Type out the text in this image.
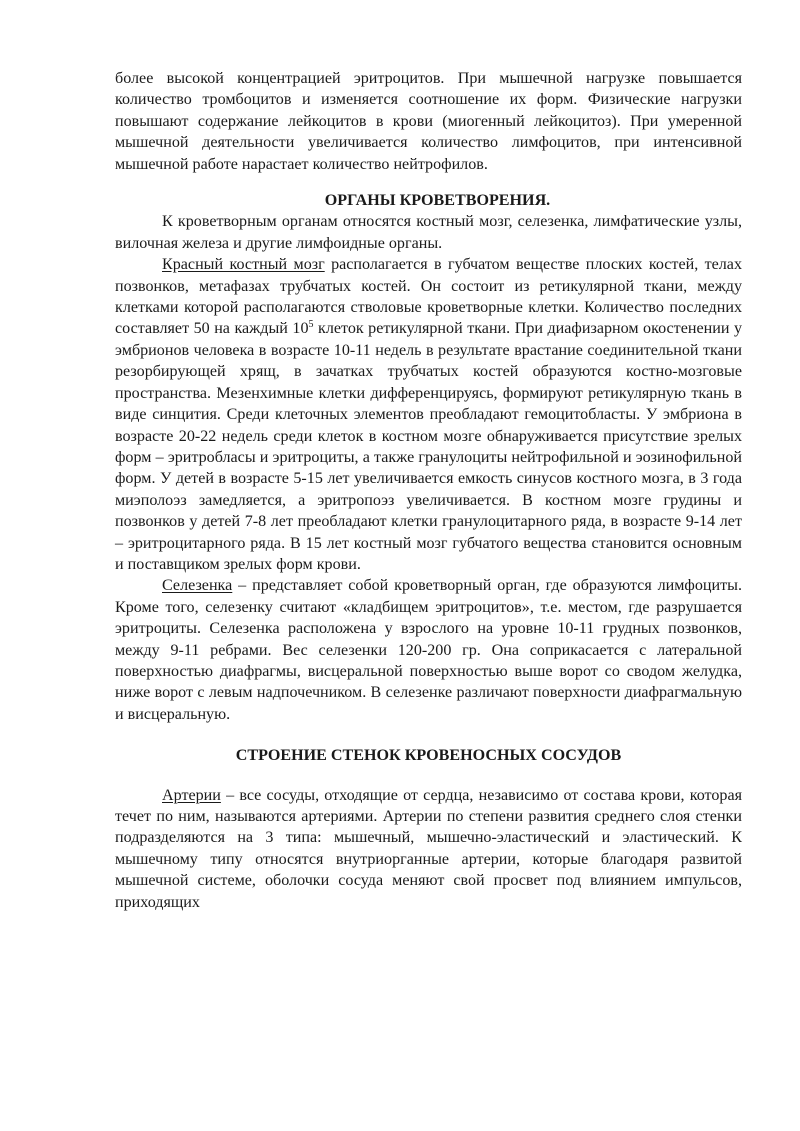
более высокой концентрацией эритроцитов. При мышечной нагрузке повышается количество тромбоцитов и изменяется соотношение их форм. Физические нагрузки повышают содержание лейкоцитов в крови (миогенный лейкоцитоз). При умеренной мышечной деятельности увеличивается количество лимфоцитов, при интенсивной мышечной работе нарастает количество нейтрофилов.

ОРГАНЫ КРОВЕТВОРЕНИЯ.

К кроветворным органам относятся костный мозг, селезенка, лимфатические узлы, вилочная железа и другие лимфоидные органы.

Красный костный мозг располагается в губчатом веществе плоских костей, телах позвонков, метафазах трубчатых костей. Он состоит из ретикулярной ткани, между клетками которой располагаются стволовые кроветворные клетки. Количество последних составляет 50 на каждый $10^5$ клеток ретикулярной ткани. При диафизарном окостенении у эмбрионов человека в возрасте 10-11 недель в результате врастание соединительной ткани резорбирующей хрящ, в зачатках трубчатых костей образуются костно-мозговые пространства. Мезенхимные клетки дифференцируясь, формируют ретикулярную ткань в виде синцития. Среди клеточных элементов преобладают гемоцитобласты. У эмбриона в возрасте 20-22 недель среди клеток в костном мозге обнаруживается присутствие зрелых форм – эритробласы и эритроциты, а также гранулоциты нейтрофильной и эозинофильной форм. У детей в возрасте 5-15 лет увеличивается емкость синусов костного мозга, в 3 года миэполоэз замедляется, а эритропоэз увеличивается. В костном мозге грудины и позвонков у детей 7-8 лет преобладают клетки гранулоцитарного ряда, в возрасте 9-14 лет – эритроцитарного ряда. В 15 лет костный мозг губчатого вещества становится основным и поставщиком зрелых форм крови.

Селезенка – представляет собой кроветворный орган, где образуются лимфоциты. Кроме того, селезенку считают «кладбищем эритроцитов», т.е. местом, где разрушается эритроциты. Селезенка расположена у взрослого на уровне 10-11 грудных позвонков, между 9-11 ребрами. Вес селезенки 120-200 гр. Она соприкасается с латеральной поверхностью диафрагмы, висцеральной поверхностью выше ворот со сводом желудка, ниже ворот с левым надпочечником. В селезенке различают поверхности диафрагмальную и висцеральную.

СТРОЕНИЕ СТЕНОК КРОВЕНОСНЫХ СОСУДОВ

Артерии – все сосуды, отходящие от сердца, независимо от состава крови, которая течет по ним, называются артериями. Артерии по степени развития среднего слоя стенки подразделяются на 3 типа: мышечный, мышечно-эластический и эластический. К мышечному типу относятся внутриорганные артерии, которые благодаря развитой мышечной системе, оболочки сосуда меняют свой просвет под влиянием импульсов, приходящих
